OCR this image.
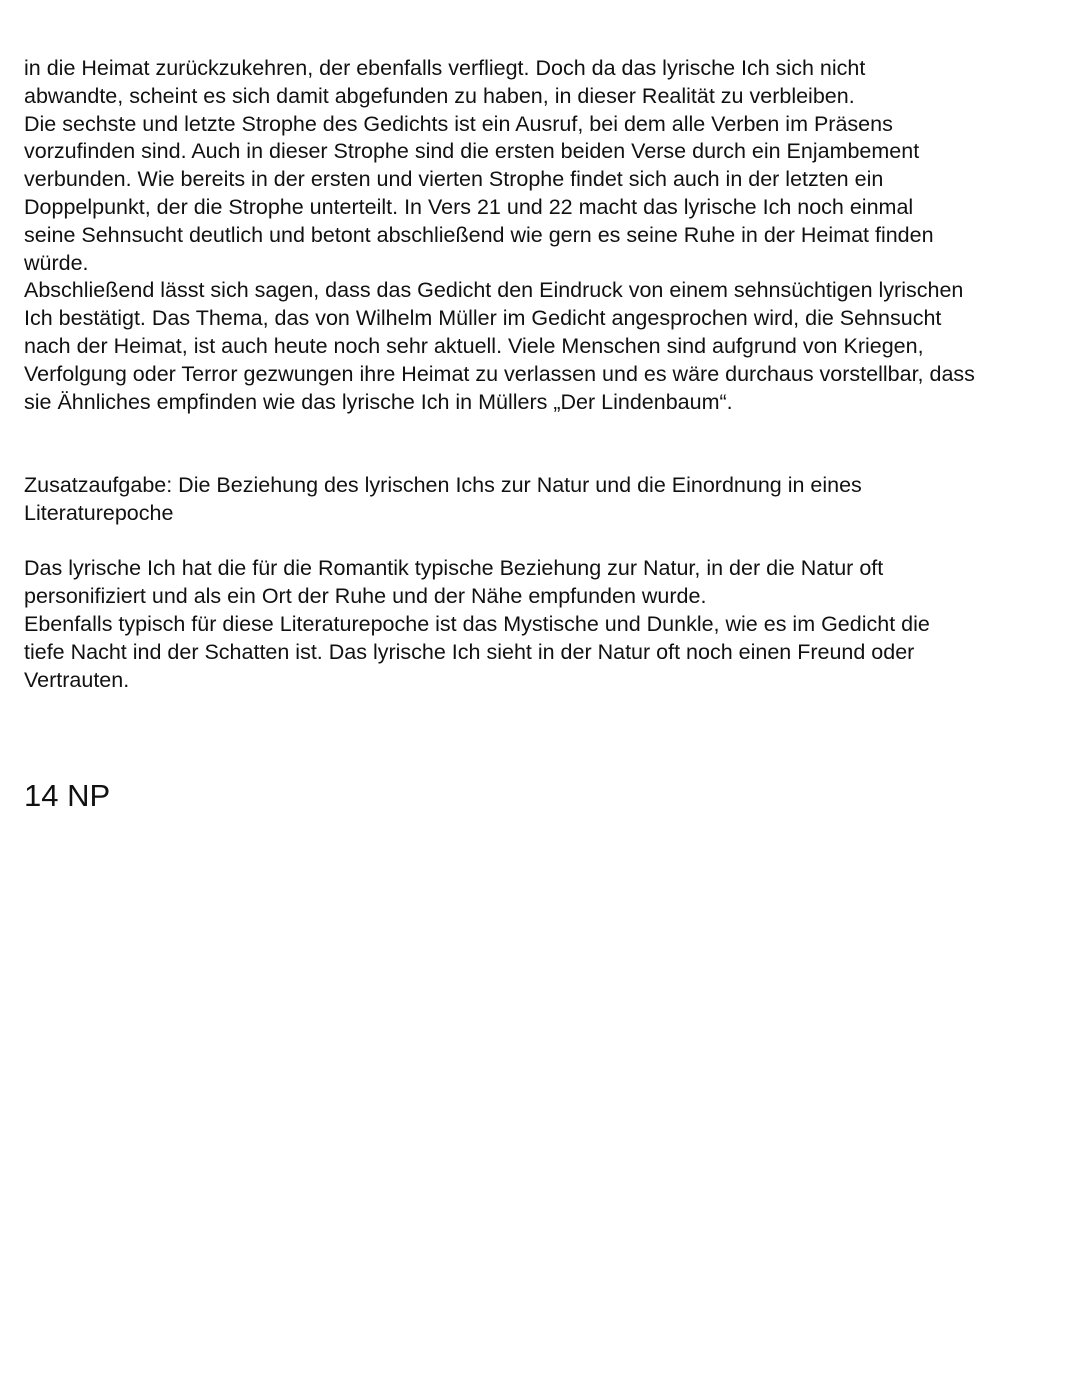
in die Heimat zurückzukehren, der ebenfalls verfliegt. Doch da das lyrische Ich sich nicht
abwandte, scheint es sich damit abgefunden zu haben, in dieser Realität zu verbleiben.
Die sechste und letzte Strophe des Gedichts ist ein Ausruf, bei dem alle Verben im Präsens
vorzufinden sind. Auch in dieser Strophe sind die ersten beiden Verse durch ein Enjambement
verbunden. Wie bereits in der ersten und vierten Strophe findet sich auch in der letzten ein
Doppelpunkt, der die Strophe unterteilt. In Vers 21 und 22 macht das lyrische Ich noch einmal
seine Sehnsucht deutlich und betont abschließend wie gern es seine Ruhe in der Heimat finden
würde.
Abschließend lässt sich sagen, dass das Gedicht den Eindruck von einem sehnsüchtigen lyrischen
Ich bestätigt. Das Thema, das von Wilhelm Müller im Gedicht angesprochen wird, die Sehnsucht
nach der Heimat, ist auch heute noch sehr aktuell. Viele Menschen sind aufgrund von Kriegen,
Verfolgung oder Terror gezwungen ihre Heimat zu verlassen und es wäre durchaus vorstellbar, dass
sie Ähnliches empfinden wie das lyrische Ich in Müllers „Der Lindenbaum“.
Zusatzaufgabe: Die Beziehung des lyrischen Ichs zur Natur und die Einordnung in eines
Literaturepoche
Das lyrische Ich hat die für die Romantik typische Beziehung zur Natur, in der die Natur oft
personifiziert und als ein Ort der Ruhe und der Nähe empfunden wurde.
Ebenfalls typisch für diese Literaturepoche ist das Mystische und Dunkle, wie es im Gedicht die
tiefe Nacht ind der Schatten ist. Das lyrische Ich sieht in der Natur oft noch einen Freund oder
Vertrauten.
14 NP
